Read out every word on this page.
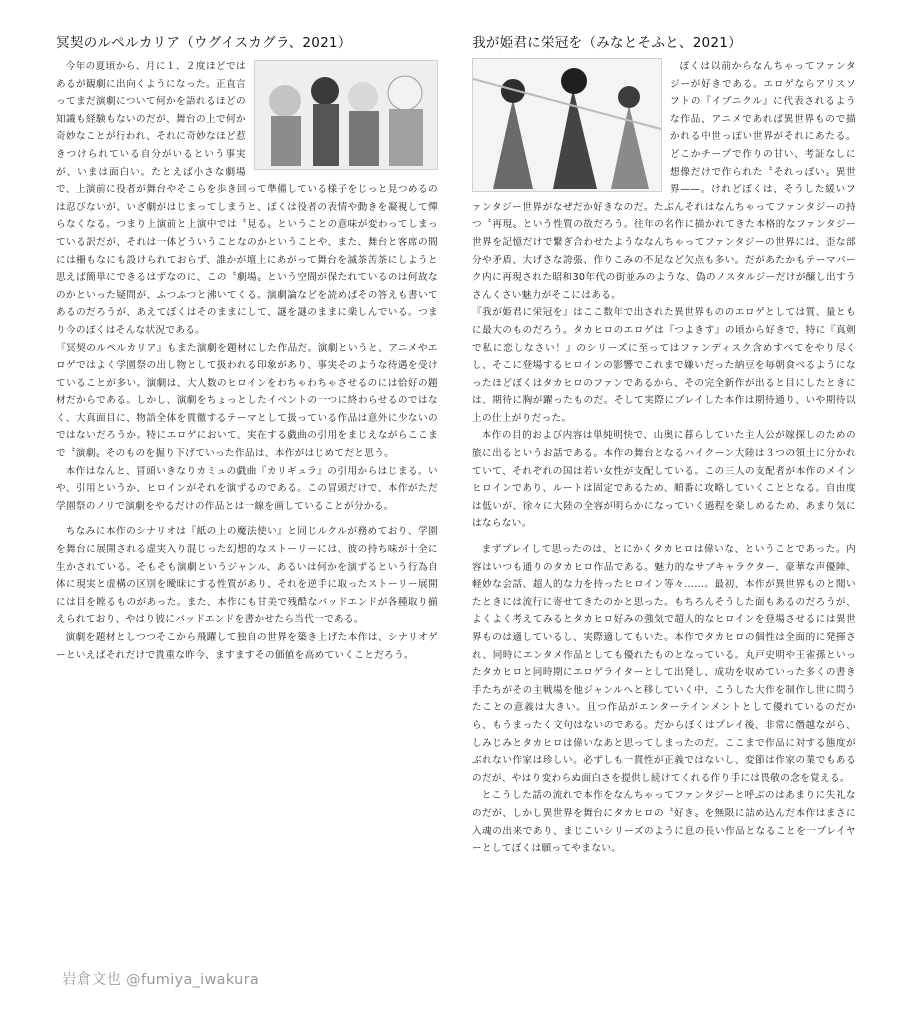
冥契のルペルカリア（ウグイスカグラ、2021）

今年の夏頃から、月に１、２度ほどではあるが観劇に出向くようになった。正直言ってまだ演劇について何かを語れるほどの知識も経験もないのだが、舞台の上で何か奇妙なことが行われ、それに奇妙なほど惹きつけられている自分がいるという事実が、いまは面白い。たとえば小さな劇場で、上演前に役者が舞台やそこらを歩き回って準備している様子をじっと見つめるのは忍びないが、いざ劇がはじまってしまうと、ぼくは役者の表情や動きを凝視して憚らなくなる。つまり上演前と上演中では〝見る〟ということの意味が変わってしまっている訳だが、それは一体どういうことなのかということや、また、舞台と客席の間には柵もなにも設けられておらず、誰かが壇上にあがって舞台を滅茶苦茶にしようと思えば簡単にできるはずなのに、この〝劇場〟という空間が保たれているのは何故なのかといった疑問が、ふつふつと沸いてくる。演劇論などを読めばその答えも書いてあるのだろうが、あえてぼくはそのままにして、謎を謎のままに楽しんでいる。つまり今のぼくはそんな状況である。

『冥契のルペルカリア』もまた演劇を題材にした作品だ。演劇というと、アニメやエロゲではよく学園祭の出し物として扱われる印象があり、事実そのような待遇を受けていることが多い。演劇は、大人数のヒロインをわちゃわちゃさせるのには恰好の題材だからである。しかし、演劇をちょっとしたイベントの一つに終わらせるのではなく、大真面目に、物語全体を貫徹するテーマとして扱っている作品は意外に少ないのではないだろうか。特にエロゲにおいて、実在する戯曲の引用をまじえながらここまで〝演劇〟そのものを掘り下げていった作品は、本作がはじめてだと思う。

本作はなんと、冒頭いきなりカミュの戯曲『カリギュラ』の引用からはじまる。いや、引用というか、ヒロインがそれを演ずるのである。この冒頭だけで、本作がただ学園祭のノリで演劇をやるだけの作品とは一線を画していることが分かる。

ちなみに本作のシナリオは『紙の上の魔法使い』と同じルクルが務めており、学園を舞台に展開される虚実入り混じった幻想的なストーリーには、彼の持ち味が十全に生かされている。そもそも演劇というジャンル、あるいは何かを演ずるという行為自体に現実と虚構の区別を曖昧にする性質があり、それを逆手に取ったストーリー展開には目を瞠るものがあった。また、本作にも甘美で残酷なバッドエンドが各種取り揃えられており、やはり彼にバッドエンドを書かせたら当代一である。

演劇を題材としつつそこから飛躍して独自の世界を築き上げた本作は、シナリオゲーといえばそれだけで貴重な昨今、ますますその価値を高めていくことだろう。

我が姫君に栄冠を（みなとそふと、2021）

ぼくは以前からなんちゃってファンタジーが好きである。エロゲならアリスソフトの『イブニクル』に代表されるような作品、アニメであれば異世界もので描かれる中世っぽい世界がそれにあたる。どこかチープで作りの甘い、考証なしに想像だけで作られた〝それっぽい〟異世界——。けれどぼくは、そうした緩いファンタジー世界がなぜだか好きなのだ。たぶんそれはなんちゃってファンタジーの持つ〝再現〟という性質の故だろう。往年の名作に描かれてきた本格的なファンタジー世界を記憶だけで繋ぎ合わせたようななんちゃってファンタジーの世界には、歪な部分や矛盾、大げさな誇張、作りこみの不足など欠点も多い。だがあたかもテーマパーク内に再現された昭和30年代の街並みのような、偽のノスタルジーだけが醸し出すうさんくさい魅力がそこにはある。

『我が姫君に栄冠を』はここ数年で出された異世界もののエロゲとしては質、量ともに最大のものだろう。タカヒロのエロゲは『つよきす』の頃から好きで、特に『真剣で私に恋しなさい！』のシリーズに至ってはファンディスク含めすべてをやり尽くし、そこに登場するヒロインの影響でこれまで嫌いだった納豆を毎朝食べるようになったほどぼくはタカヒロのファンであるから、その完全新作が出ると目にしたときには、期待に胸が躍ったものだ。そして実際にプレイした本作は期待通り、いや期待以上の仕上がりだった。

本作の目的および内容は単純明快で、山奥に暮らしていた主人公が嫁探しのための旅に出るというお話である。本作の舞台となるハイクーン大陸は３つの領土に分かれていて、それぞれの国は若い女性が支配している。この三人の支配者が本作のメインヒロインであり、ルートは固定であるため、順番に攻略していくこととなる。自由度は低いが、徐々に大陸の全容が明らかになっていく過程を楽しめるため、あまり気にはならない。

まずプレイして思ったのは、とにかくタカヒロは偉いな、ということであった。内容はいつも通りのタカヒロ作品である。魅力的なサブキャラクター、豪華な声優陣、軽妙な会話、超人的な力を持ったヒロイン等々……。最初、本作が異世界ものと聞いたときには流行に寄せてきたのかと思った。もちろんそうした面もあるのだろうが、よくよく考えてみるとタカヒロ好みの強気で超人的なヒロインを登場させるには異世界ものは適しているし、実際適してもいた。本作でタカヒロの個性は全面的に発揮され、同時にエンタメ作品としても優れたものとなっている。丸戸史明や王雀孫といったタカヒロと同時期にエロゲライターとして出発し、成功を収めていった多くの書き手たちがその主戦場を他ジャンルへと移していく中、こうした大作を制作し世に問うたことの意義は大きい。且つ作品がエンターテインメントとして優れているのだから、もうまったく文句はないのである。だからぼくはプレイ後、非常に僭越ながら、しみじみとタカヒロは偉いなあと思ってしまったのだ。ここまで作品に対する態度がぶれない作家は珍しい。必ずしも一貫性が正義ではないし、変節は作家の業でもあるのだが、やはり変わらぬ面白さを提供し続けてくれる作り手には畏敬の念を覚える。

とこうした話の流れで本作をなんちゃってファンタジーと呼ぶのはあまりに失礼なのだが、しかし異世界を舞台にタカヒロの〝好き〟を無限に詰め込んだ本作はまさに入魂の出来であり、まじこいシリーズのように息の長い作品となることを一プレイヤーとしてぼくは願ってやまない。

岩倉文也 @fumiya_iwakura
